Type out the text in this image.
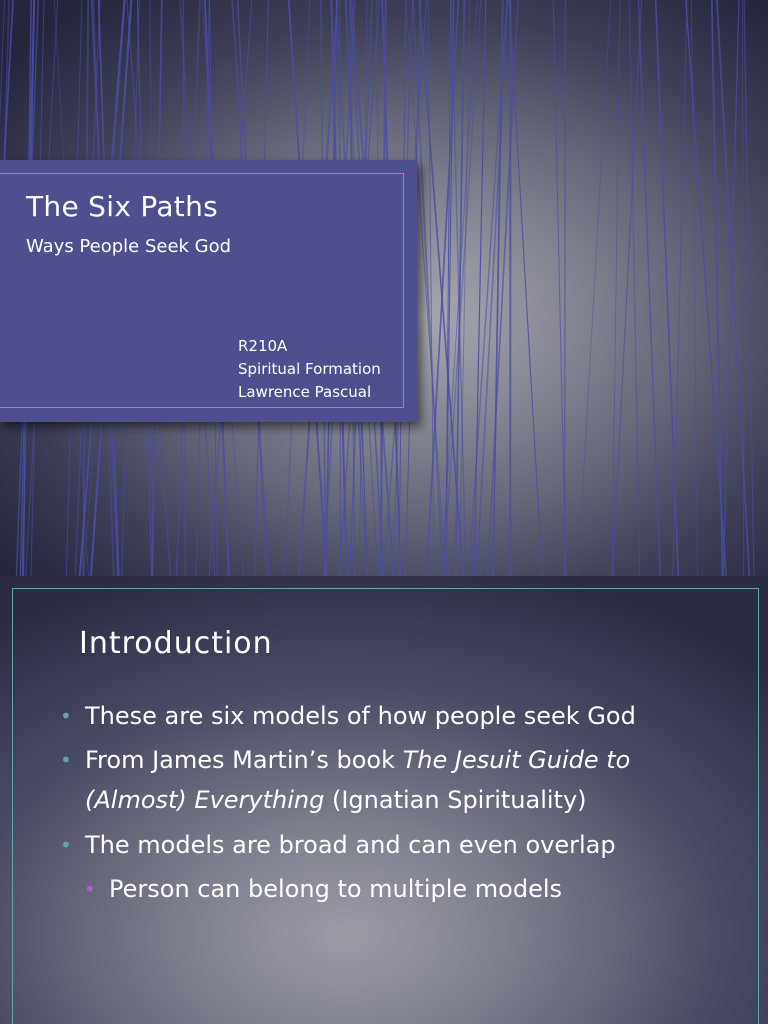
The Six Paths
Ways People Seek God
R210A
Spiritual Formation
Lawrence Pascual
Introduction
• These are six models of how people seek God
• From James Martin’s book The Jesuit Guide to
(Almost) Everything (Ignatian Spirituality)
• The models are broad and can even overlap
• Person can belong to multiple models
